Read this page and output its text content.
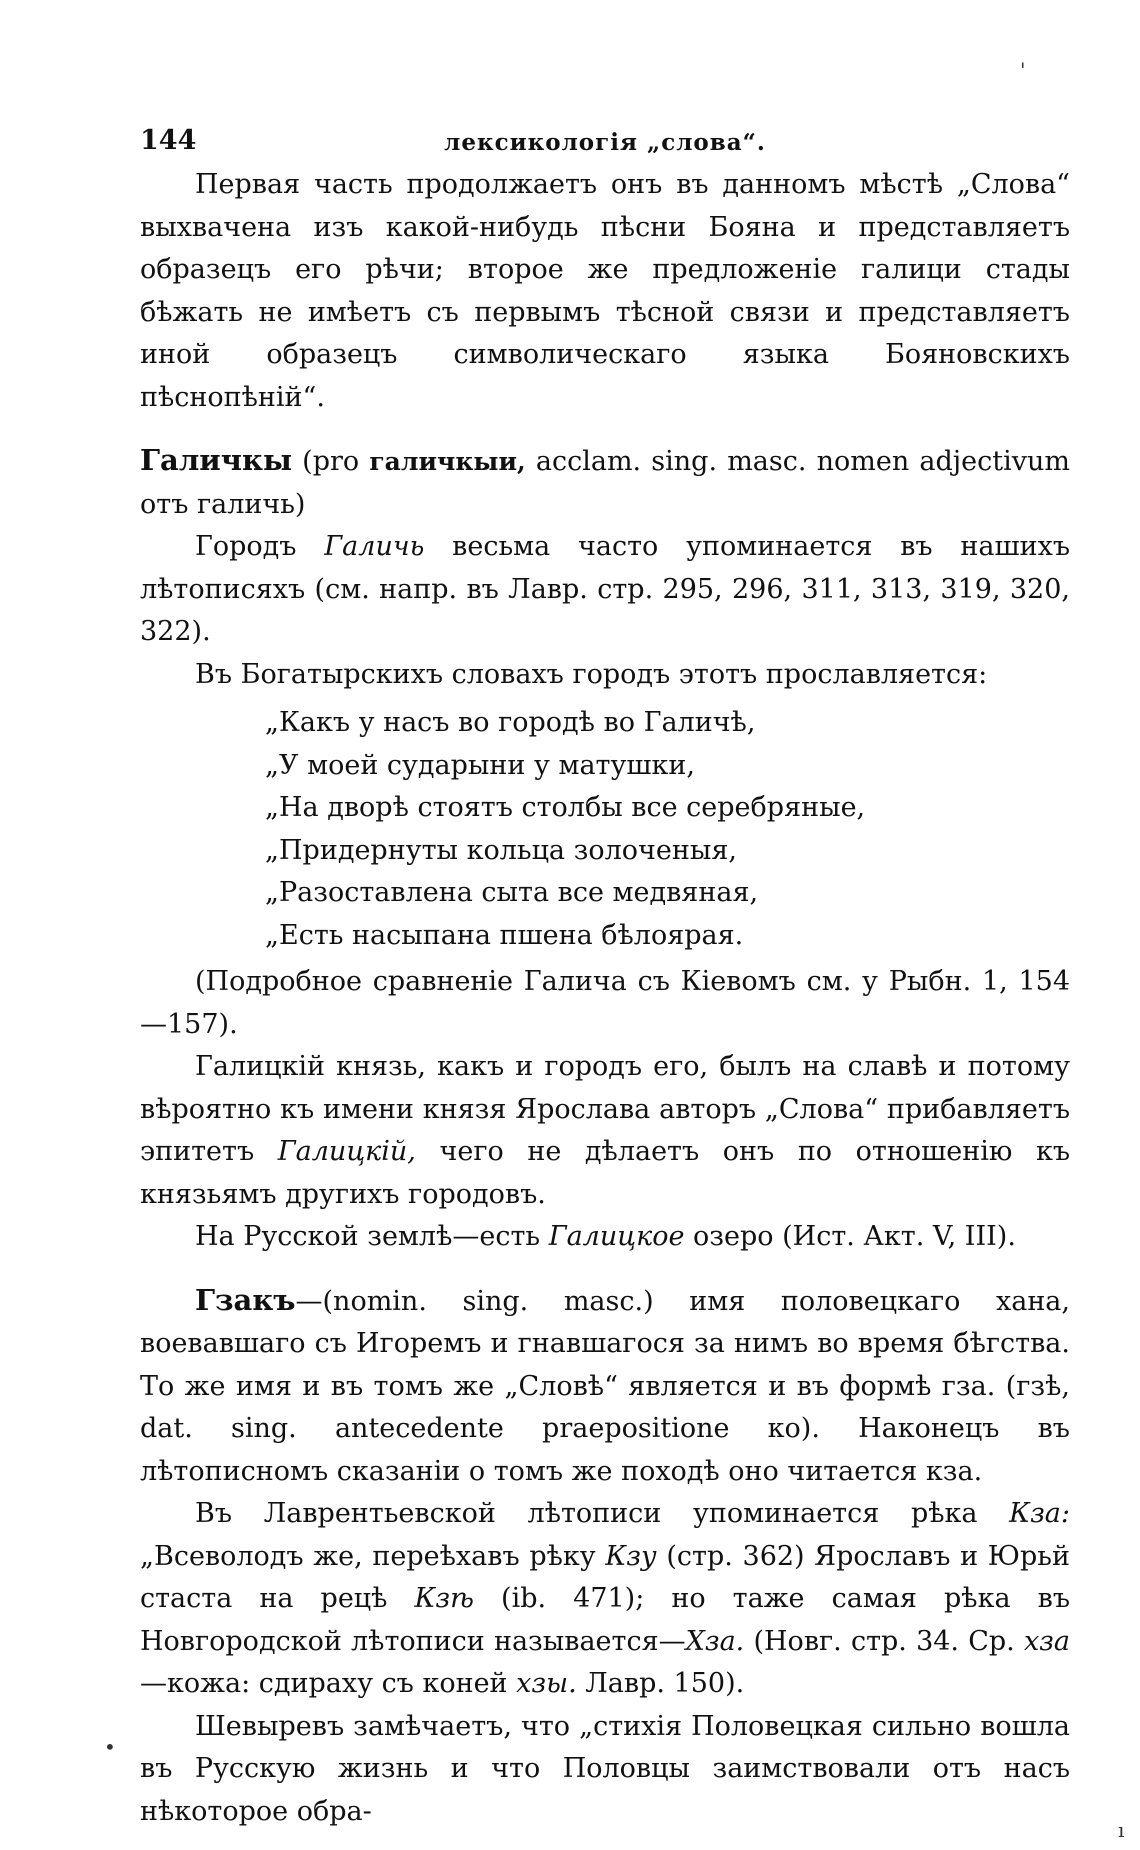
'
•
ı
144	лексикологія „слова“.

Первая часть продолжаетъ онъ въ данномъ мѣстѣ „Слова“ выхвачена изъ какой-нибудь пѣсни Бояна и представляетъ образецъ его рѣчи; второе же предложеніе галици стады бѣжать не имѣетъ съ первымъ тѣсной связи и представляетъ иной образецъ символическаго языка Бояновскихъ пѣснопѣній“.

Галичкы (pro галичкыи, acclam. sing. masc. nomen adjectivum отъ галичь)

Городъ Галичь весьма часто упоминается въ нашихъ лѣтописяхъ (см. напр. въ Лавр. стр. 295, 296, 311, 313, 319, 320, 322).

Въ Богатырскихъ словахъ городъ этотъ прославляется:

„Какъ у насъ во городѣ во Галичѣ,
„У моей сударыни у матушки,
„На дворѣ стоятъ столбы все серебряные,
„Придернуты кольца золоченыя,
„Разоставлена сыта все медвяная,
„Есть насыпана пшена бѣлоярая.

(Подробное сравненіе Галича съ Кіевомъ см. у Рыбн. 1, 154—157).

Галицкій князь, какъ и городъ его, былъ на славѣ и потому вѣроятно къ имени князя Ярослава авторъ „Слова“ прибавляетъ эпитетъ Галицкій, чего не дѣлаетъ онъ по отношенію къ князьямъ другихъ городовъ.

На Русской землѣ—есть Галицкое озеро (Ист. Акт. V, III).

Гзакъ—(nomin. sing. masc.) имя половецкаго хана, воевавшаго съ Игоремъ и гнавшагося за нимъ во время бѣгства. То же имя и въ томъ же „Словѣ“ является и въ формѣ гза. (гзѣ, dat. sing. antecedente praepositione ко). Наконецъ въ лѣтописномъ сказаніи о томъ же походѣ оно читается кза.

Въ Лаврентьевской лѣтописи упоминается рѣка Кза: „Всеволодъ же, переѣхавъ рѣку Кзу (стр. 362) Ярославъ и Юрьй стаста на рецѣ Кзѣ (ib. 471); но таже самая рѣка въ Новгородской лѣтописи называется—Хза. (Новг. стр. 34. Ср. хза—кожа: сдираху съ коней хзы. Лавр. 150).

Шевыревъ замѣчаетъ, что „стихія Половецкая сильно вошла въ Русскую жизнь и что Половцы заимствовали отъ насъ нѣкоторое обра-
